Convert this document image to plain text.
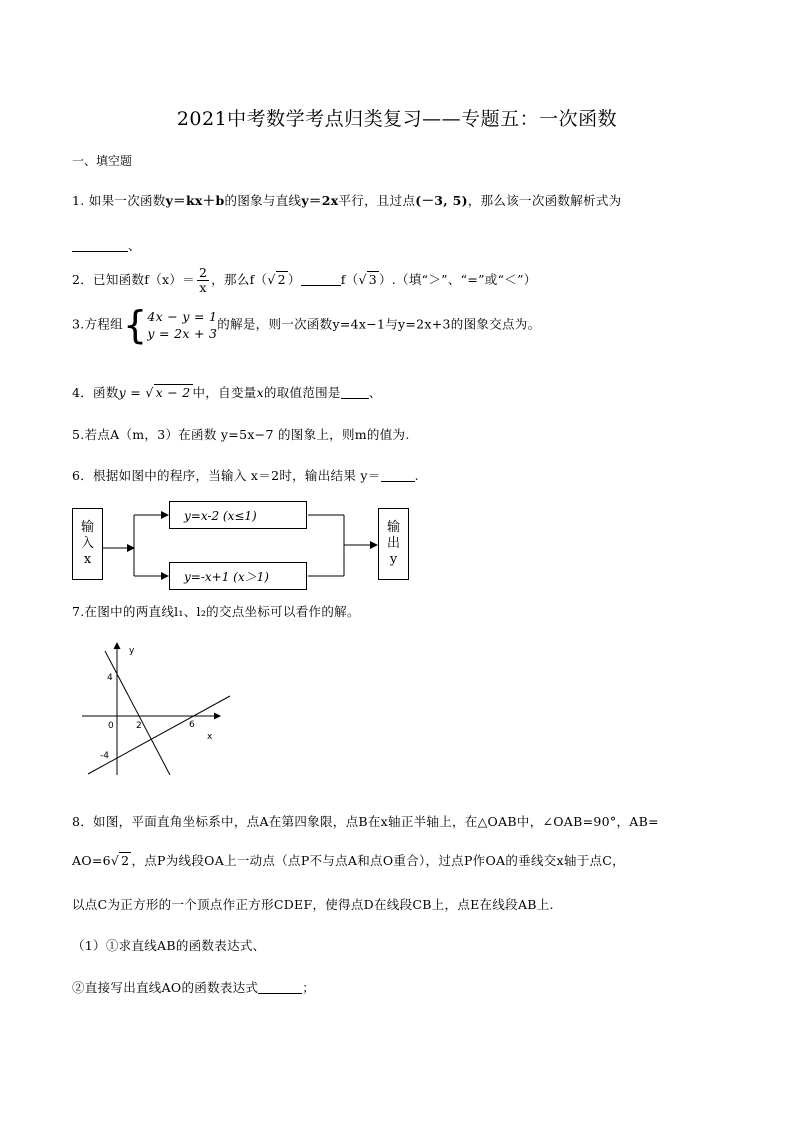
2021中考数学考点归类复习——专题五：一次函数
一、填空题
1. 如果一次函数y＝kx＋b的图象与直线y＝2x平行，且过点(－3, 5)，那么该一次函数解析式为
、
2．已知函数$f(x)= \frac{2}{x}$ ，那么f（√ 2 ）	f（√ 3 ）.（填“＞”、“=”或“＜”）
3.方程组{ 4x − y = 1
y = 2x + 3
的解是，则一次函数y=4x−1与y=2x+3的图象交点为。
4．函数y = √ x − 2 中，自变量x的取值范围是 、
5.若点A（m，3）在函数 y=5x−7 的图象上，则m的值为.
6．根据如图中的程序，当输入 x＝2时，输出结果 y＝	.
输
入
x
y=x-2 (x≤1)
y=-x+1 (x＞1)
输
出
y
7.在图中的两直线l₁、l₂的交点坐标可以看作的解。
y
x
0
4
-4
2	6
8．如图，平面直角坐标系中，点A在第四象限，点B在x轴正半轴上，在△OAB中，∠OAB=90°，AB=
AO=6√ 2 ，点P为线段OA上一动点（点P不与点A和点O重合），过点P作OA的垂线交x轴于点C，
以点C为正方形的一个顶点作正方形CDEF，使得点D在线段CB上，点E在线段AB上.
（1）①求直线AB的函数表达式、
②直接写出直线AO的函数表达式	；
